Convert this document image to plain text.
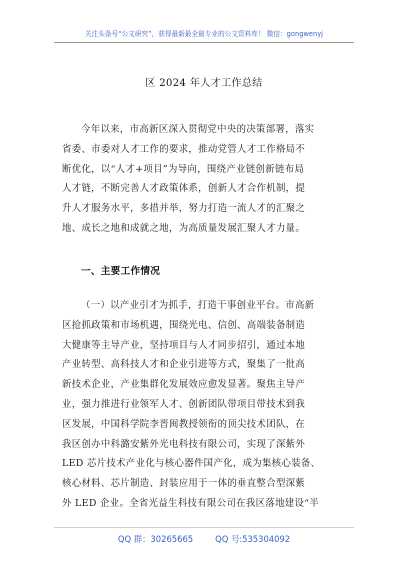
关注头条号“公文研究”，获得最新最全最专业的公文资料库！ 微信：gongwenyj
区 2024 年人才工作总结
今年以来，市高新区深入贯彻党中央的决策部署，落实
省委、市委对人才工作的要求，推动党管人才工作格局不
断优化，以“人才+项目”为导向，围绕产业链创新链布局
人才链，不断完善人才政策体系，创新人才合作机制，提
升人才服务水平，多措并举，努力打造一流人才的汇聚之
地、成长之地和成就之地，为高质量发展汇聚人才力量。
一、主要工作情况
（一）以产业引才为抓手，打造干事创业平台。市高新
区抢抓政策和市场机遇，围绕光电、信创、高端装备制造
大健康等主导产业，坚持项目与人才同步招引，通过本地
产业转型、高科技人才和企业引进等方式，聚集了一批高
新技术企业，产业集群化发展效应愈发显著。聚焦主导产
业，强力推进行业领军人才、创新团队带项目带技术到我
区发展，中国科学院李晋闽教授领衔的顶尖技术团队，在
我区创办中科潞安紫外光电科技有限公司，实现了深紫外
LED 芯片技术产业化与核心器件国产化，成为集核心装备、
核心材料、芯片制造、封装应用于一体的垂直整合型深紫
外 LED 企业。全省光益生科技有限公司在我区落地建设“半
QQ 群：30265665	QQ 号:535304092
